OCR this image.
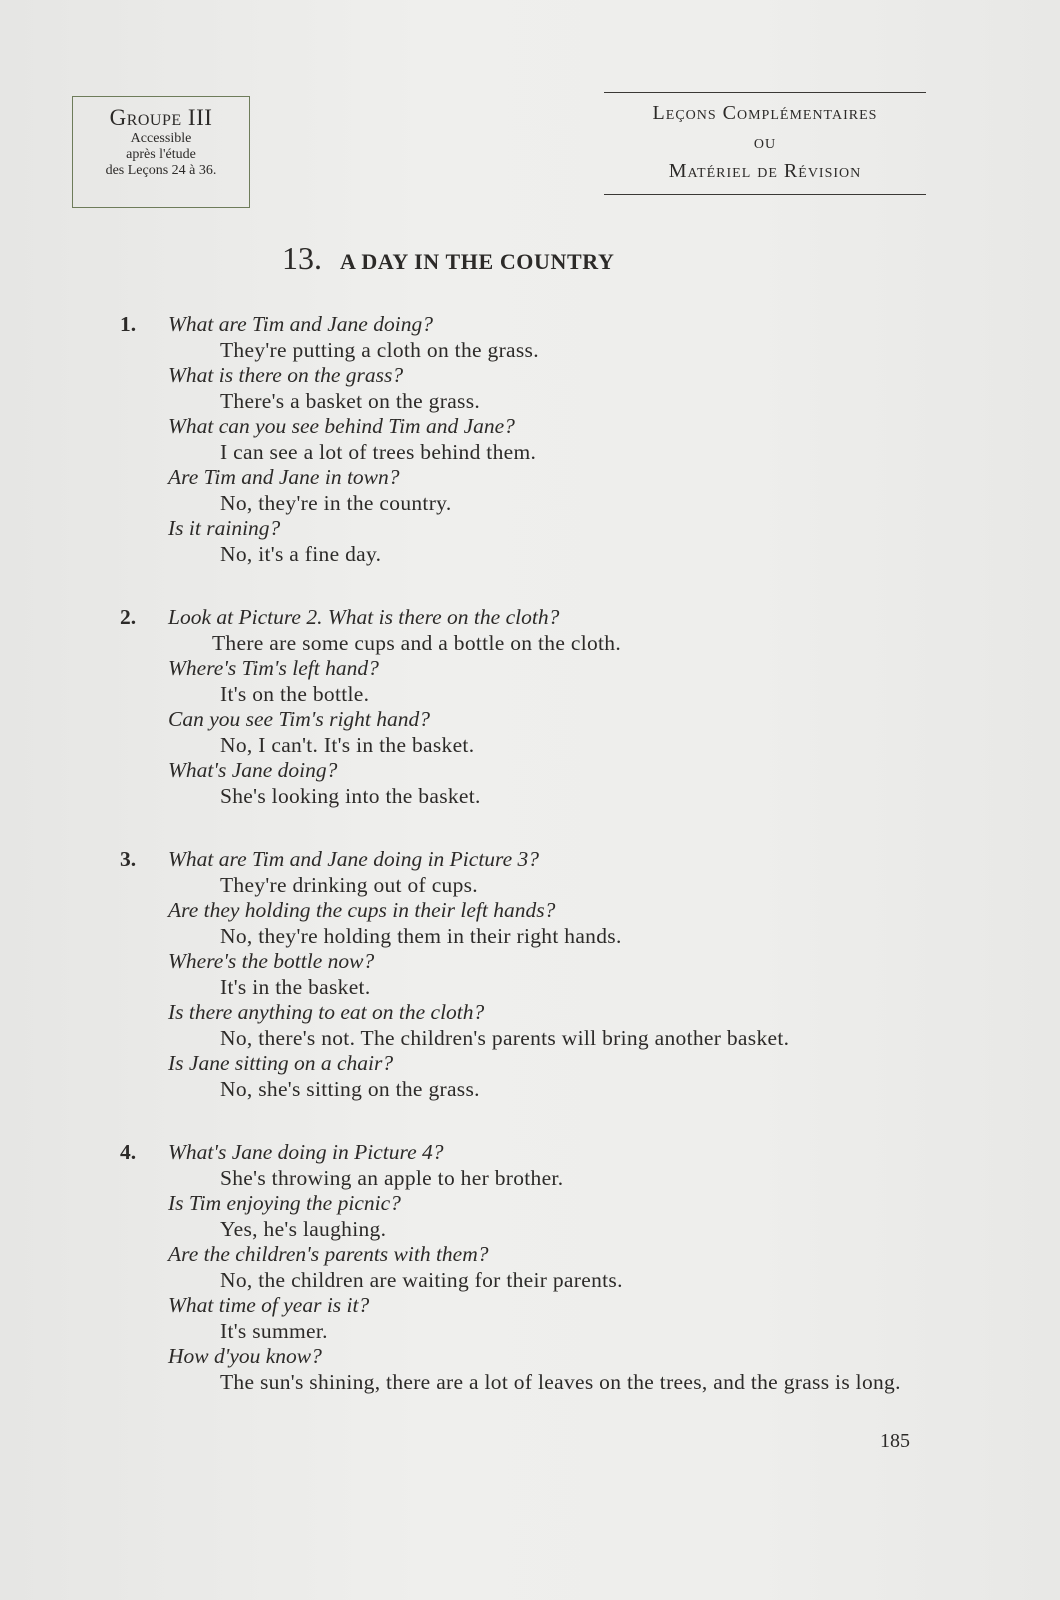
Groupe III
Accessible
après l'étude
des Leçons 24 à 36.
Leçons Complémentaires
ou
Matériel de Révision
13. A DAY IN THE COUNTRY
1. What are Tim and Jane doing?
They're putting a cloth on the grass.
What is there on the grass?
There's a basket on the grass.
What can you see behind Tim and Jane?
I can see a lot of trees behind them.
Are Tim and Jane in town?
No, they're in the country.
Is it raining?
No, it's a fine day.
2. Look at Picture 2. What is there on the cloth?
There are some cups and a bottle on the cloth.
Where's Tim's left hand?
It's on the bottle.
Can you see Tim's right hand?
No, I can't. It's in the basket.
What's Jane doing?
She's looking into the basket.
3. What are Tim and Jane doing in Picture 3?
They're drinking out of cups.
Are they holding the cups in their left hands?
No, they're holding them in their right hands.
Where's the bottle now?
It's in the basket.
Is there anything to eat on the cloth?
No, there's not. The children's parents will bring another basket.
Is Jane sitting on a chair?
No, she's sitting on the grass.
4. What's Jane doing in Picture 4?
She's throwing an apple to her brother.
Is Tim enjoying the picnic?
Yes, he's laughing.
Are the children's parents with them?
No, the children are waiting for their parents.
What time of year is it?
It's summer.
How d'you know?
The sun's shining, there are a lot of leaves on the trees, and the grass is long.
185
